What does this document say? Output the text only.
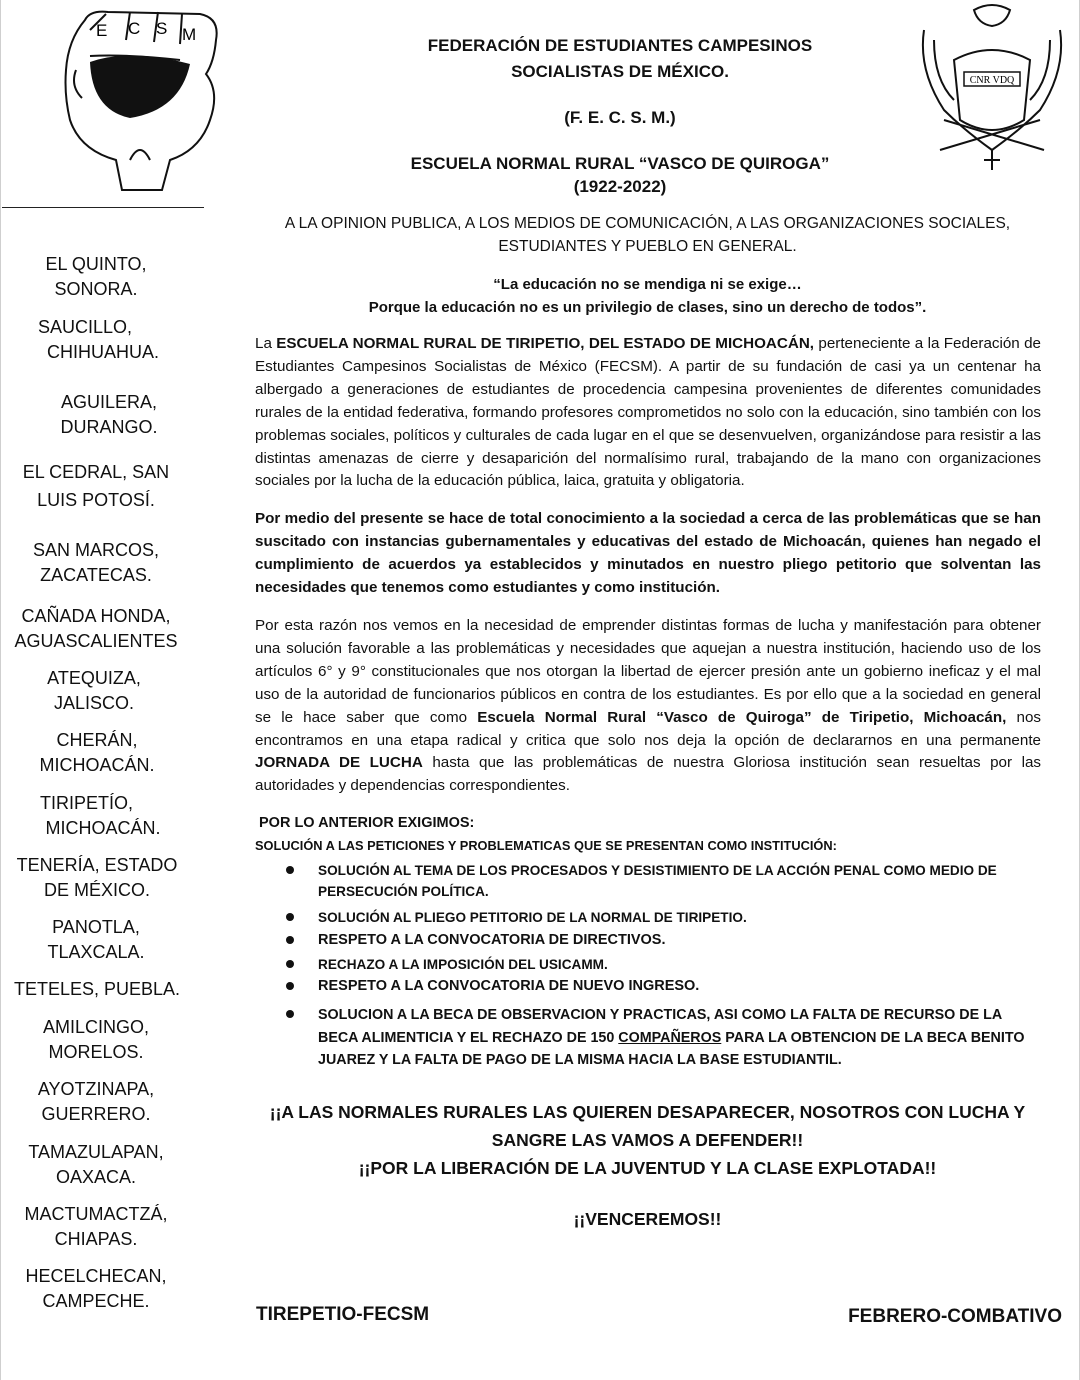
E C S M
CNR VDQ
FEDERACIÓN DE ESTUDIANTES CAMPESINOS
SOCIALISTAS DE MÉXICO.
(F. E. C. S. M.)
ESCUELA NORMAL RURAL “VASCO DE QUIROGA”
(1922-2022)
A LA OPINION PUBLICA, A LOS MEDIOS DE COMUNICACIÓN, A LAS ORGANIZACIONES SOCIALES,
ESTUDIANTES Y PUEBLO EN GENERAL.
“La educación no se mendiga ni se exige…
Porque la educación no es un privilegio de clases, sino un derecho de todos”.
EL QUINTO,
SONORA.
SAUCILLO,
CHIHUAHUA.
AGUILERA,
DURANGO.
EL CEDRAL, SAN
LUIS POTOSÍ.
SAN MARCOS,
ZACATECAS.
CAÑADA HONDA,
AGUASCALIENTES
ATEQUIZA,
JALISCO.
CHERÁN,
MICHOACÁN.
TIRIPETÍO,
MICHOACÁN.
TENERÍA, ESTADO
DE MÉXICO.
PANOTLA,
TLAXCALA.
TETELES, PUEBLA.
AMILCINGO,
MORELOS.
AYOTZINAPA,
GUERRERO.
TAMAZULAPAN,
OAXACA.
MACTUMACTZÁ,
CHIAPAS.
HECELCHECAN,
CAMPECHE.

La ESCUELA NORMAL RURAL DE TIRIPETIO, DEL ESTADO DE MICHOACÁN, perteneciente a la Federación de Estudiantes Campesinos Socialistas de México (FECSM). A partir de su fundación de casi ya un centenar ha albergado a generaciones de estudiantes de procedencia campesina provenientes de diferentes comunidades rurales de la entidad federativa, formando profesores comprometidos no solo con la educación, sino también con los problemas sociales, políticos y culturales de cada lugar en el que se desenvuelven, organizándose para resistir a las distintas amenazas de cierre y desaparición del normalísimo rural, trabajando de la mano con organizaciones sociales por la lucha de la educación pública, laica, gratuita y obligatoria.

Por medio del presente se hace de total conocimiento a la sociedad a cerca de las problemáticas que se han suscitado con instancias gubernamentales y educativas del estado de Michoacán, quienes han negado el cumplimiento de acuerdos ya establecidos y minutados en nuestro pliego petitorio que solventan las necesidades que tenemos como estudiantes y como institución.

Por esta razón nos vemos en la necesidad de emprender distintas formas de lucha y manifestación para obtener una solución favorable a las problemáticas y necesidades que aquejan a nuestra institución, haciendo uso de los artículos 6° y 9° constitucionales que nos otorgan la libertad de ejercer presión ante un gobierno ineficaz y el mal uso de la autoridad de funcionarios públicos en contra de los estudiantes. Es por ello que a la sociedad en general se le hace saber que como Escuela Normal Rural “Vasco de Quiroga” de Tiripetio, Michoacán, nos encontramos en una etapa radical y critica que solo nos deja la opción de declararnos en una permanente JORNADA DE LUCHA hasta que las problemáticas de nuestra Gloriosa institución sean resueltas por las autoridades y dependencias correspondientes.

POR LO ANTERIOR EXIGIMOS:
SOLUCIÓN A LAS PETICIONES Y PROBLEMATICAS QUE SE PRESENTAN COMO INSTITUCIÓN:
SOLUCIÓN AL TEMA DE LOS PROCESADOS Y DESISTIMIENTO DE LA ACCIÓN PENAL COMO MEDIO DE PERSECUCIÓN POLÍTICA.
SOLUCIÓN AL PLIEGO PETITORIO DE LA NORMAL DE TIRIPETIO.
RESPETO A LA CONVOCATORIA DE DIRECTIVOS.
RECHAZO A LA IMPOSICIÓN DEL USICAMM.
RESPETO A LA CONVOCATORIA DE NUEVO INGRESO.
SOLUCION A LA BECA DE OBSERVACION Y PRACTICAS, ASI COMO LA FALTA DE RECURSO DE LA BECA ALIMENTICIA Y EL RECHAZO DE 150 COMPAÑEROS PARA LA OBTENCION DE LA BECA BENITO JUAREZ Y LA FALTA DE PAGO DE LA MISMA HACIA LA BASE ESTUDIANTIL.
¡¡A LAS NORMALES RURALES LAS QUIEREN DESAPARECER, NOSOTROS CON LUCHA Y
SANGRE LAS VAMOS A DEFENDER!!
¡¡POR LA LIBERACIÓN DE LA JUVENTUD Y LA CLASE EXPLOTADA!!
¡¡VENCEREMOS!!
TIREPETIO-FECSM	FEBRERO-COMBATIVO
